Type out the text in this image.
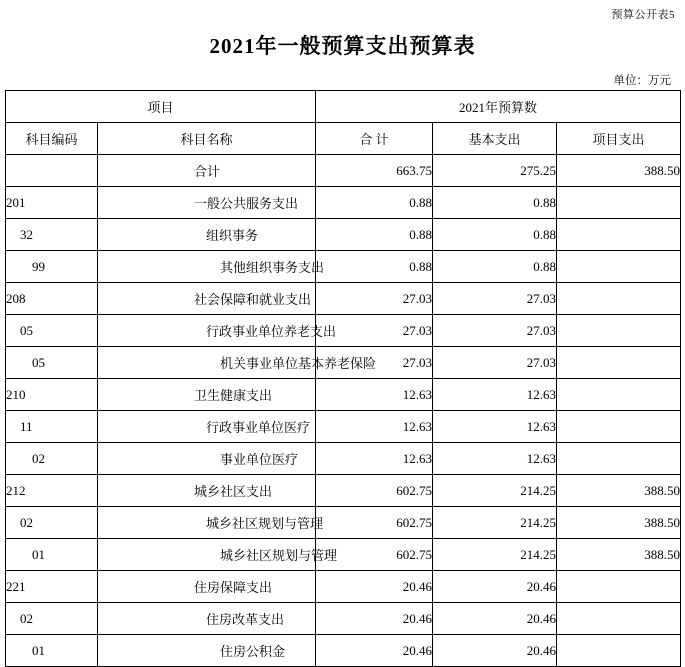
预算公开表5
2021年一般预算支出预算表
单位：万元
项目		2021年预算数		
科目编码	科目名称	合 计	基本支出	项目支出
	合计	663.75	275.25	388.50
201	一般公共服务支出	0.88	0.88	
32	组织事务	0.88	0.88	
99	其他组织事务支出	0.88	0.88	
208	社会保障和就业支出	27.03	27.03	
05	行政事业单位养老支出	27.03	27.03	
05	机关事业单位基本养老保险	27.03	27.03	
210	卫生健康支出	12.63	12.63	
11	行政事业单位医疗	12.63	12.63	
02	事业单位医疗	12.63	12.63	
212	城乡社区支出	602.75	214.25	388.50
02	城乡社区规划与管理	602.75	214.25	388.50
01	城乡社区规划与管理	602.75	214.25	388.50
221	住房保障支出	20.46	20.46	
02	住房改革支出	20.46	20.46	
01	住房公积金	20.46	20.46	
